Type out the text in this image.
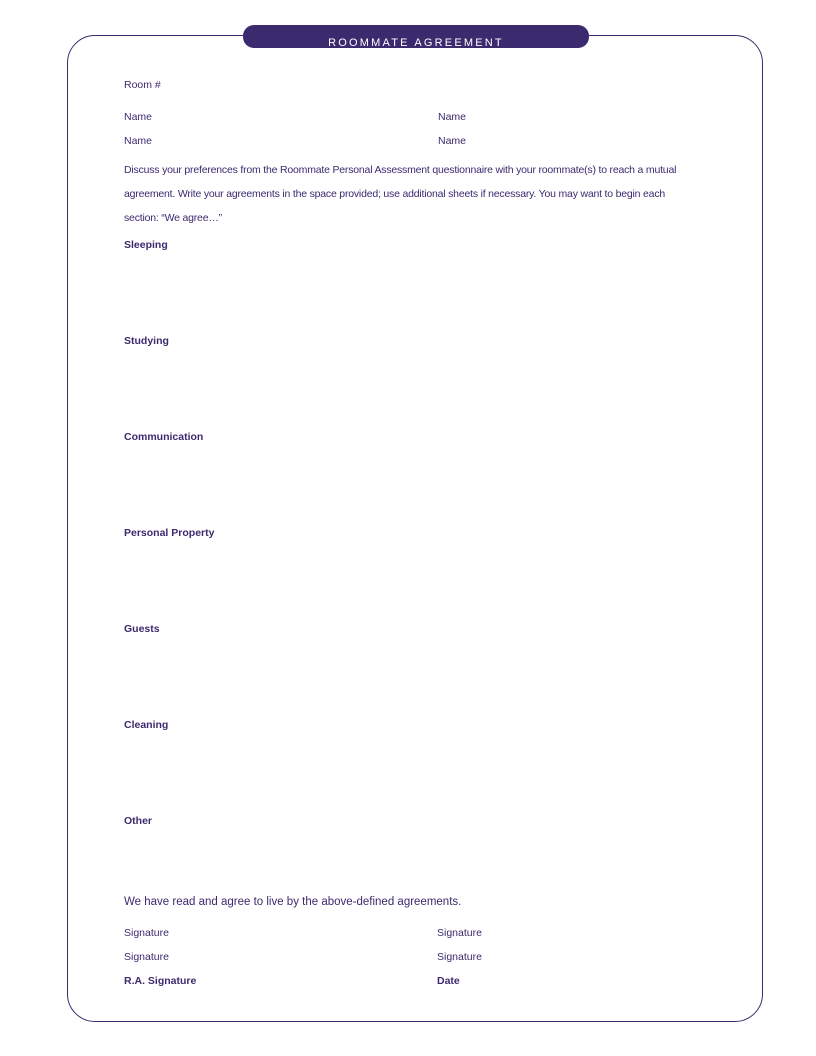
ROOMMATE AGREEMENT
Room #
Name	Name
Name	Name
Discuss your preferences from the Roommate Personal Assessment questionnaire with your roommate(s) to reach a mutual agreement. Write your agreements in the space provided; use additional sheets if necessary. You may want to begin each section: “We agree…”
Sleeping
Studying
Communication
Personal Property
Guests
Cleaning
Other
We have read and agree to live by the above-defined agreements.
Signature	Signature
Signature	Signature
R.A. Signature	Date
